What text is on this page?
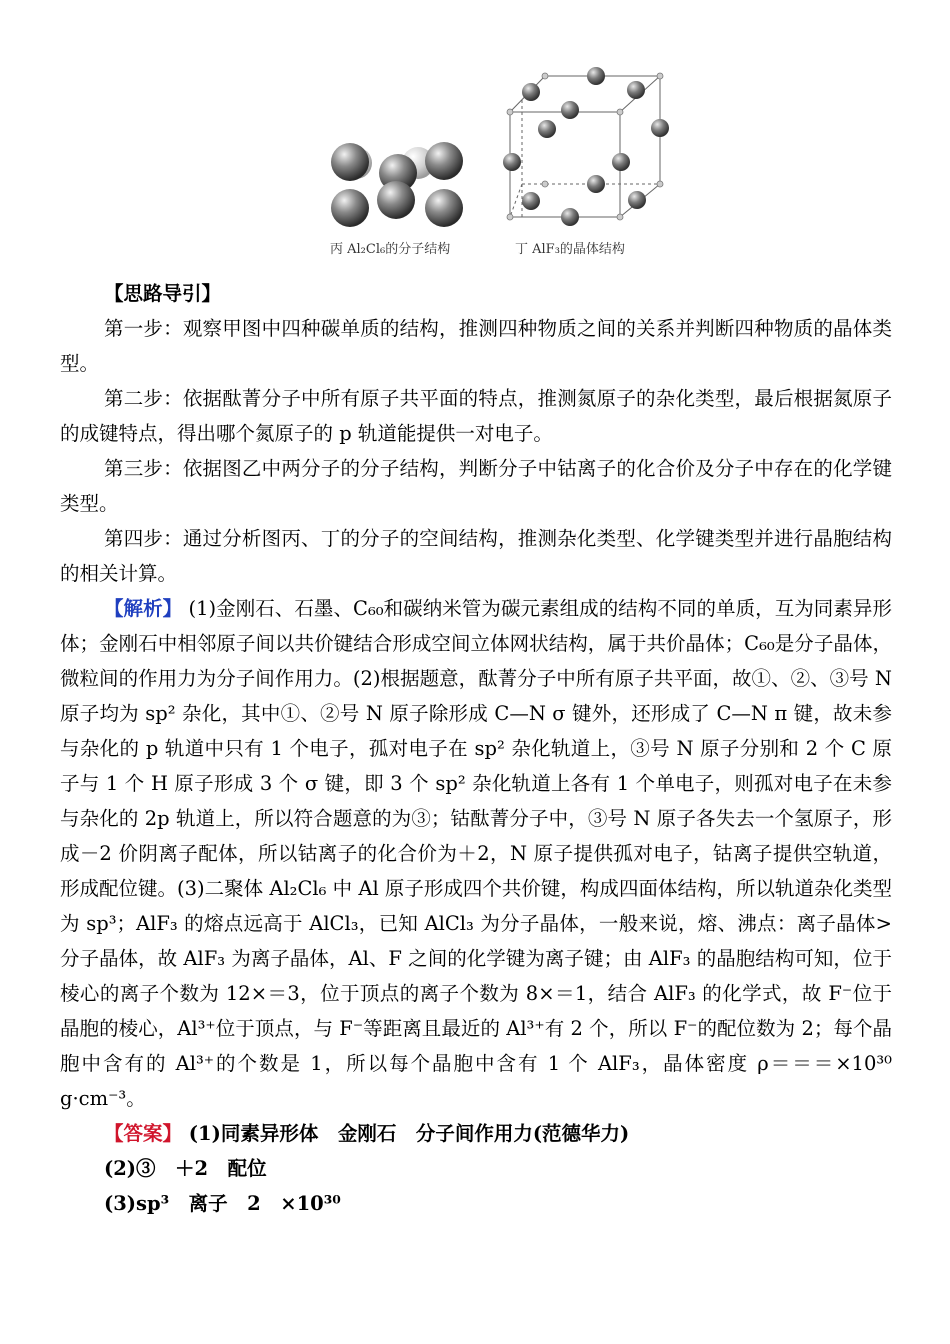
丙 Al₂Cl₆的分子结构	丁 AlF₃的晶体结构

【思路导引】

第一步：观察甲图中四种碳单质的结构，推测四种物质之间的关系并判断四种物质的晶体类型。

第二步：依据酞菁分子中所有原子共平面的特点，推测氮原子的杂化类型，最后根据氮原子的成键特点，得出哪个氮原子的 p 轨道能提供一对电子。

第三步：依据图乙中两分子的分子结构，判断分子中钴离子的化合价及分子中存在的化学键类型。

第四步：通过分析图丙、丁的分子的空间结构，推测杂化类型、化学键类型并进行晶胞结构的相关计算。

【解析】 (1)金刚石、石墨、C₆₀和碳纳米管为碳元素组成的结构不同的单质，互为同素异形体；金刚石中相邻原子间以共价键结合形成空间立体网状结构，属于共价晶体；C₆₀是分子晶体，微粒间的作用力为分子间作用力。(2)根据题意，酞菁分子中所有原子共平面，故①、②、③号 N 原子均为 sp² 杂化，其中①、②号 N 原子除形成 C—N σ 键外，还形成了 C—N π 键，故未参与杂化的 p 轨道中只有 1 个电子，孤对电子在 sp² 杂化轨道上，③号 N 原子分别和 2 个 C 原子与 1 个 H 原子形成 3 个 σ 键，即 3 个 sp² 杂化轨道上各有 1 个单电子，则孤对电子在未参与杂化的 2p 轨道上，所以符合题意的为③；钴酞菁分子中，③号 N 原子各失去一个氢原子，形成－2 价阴离子配体，所以钴离子的化合价为＋2，N 原子提供孤对电子，钴离子提供空轨道，形成配位键。(3)二聚体 Al₂Cl₆ 中 Al 原子形成四个共价键，构成四面体结构，所以轨道杂化类型为 sp³；AlF₃ 的熔点远高于 AlCl₃，已知 AlCl₃ 为分子晶体，一般来说，熔、沸点：离子晶体>分子晶体，故 AlF₃ 为离子晶体，Al、F 之间的化学键为离子键；由 AlF₃ 的晶胞结构可知，位于棱心的离子个数为 12×＝3，位于顶点的离子个数为 8×＝1，结合 AlF₃ 的化学式，故 F⁻位于晶胞的棱心，Al³⁺位于顶点，与 F⁻等距离且最近的 Al³⁺有 2 个，所以 F⁻的配位数为 2；每个晶胞中含有的 Al³⁺的个数是 1，所以每个晶胞中含有 1 个 AlF₃，晶体密度 ρ＝＝＝×10³⁰ g·cm⁻³。

【答案】 (1)同素异形体　金刚石　分子间作用力(范德华力)

(2)③　＋2　配位

(3)sp³　离子　2　×10³⁰
